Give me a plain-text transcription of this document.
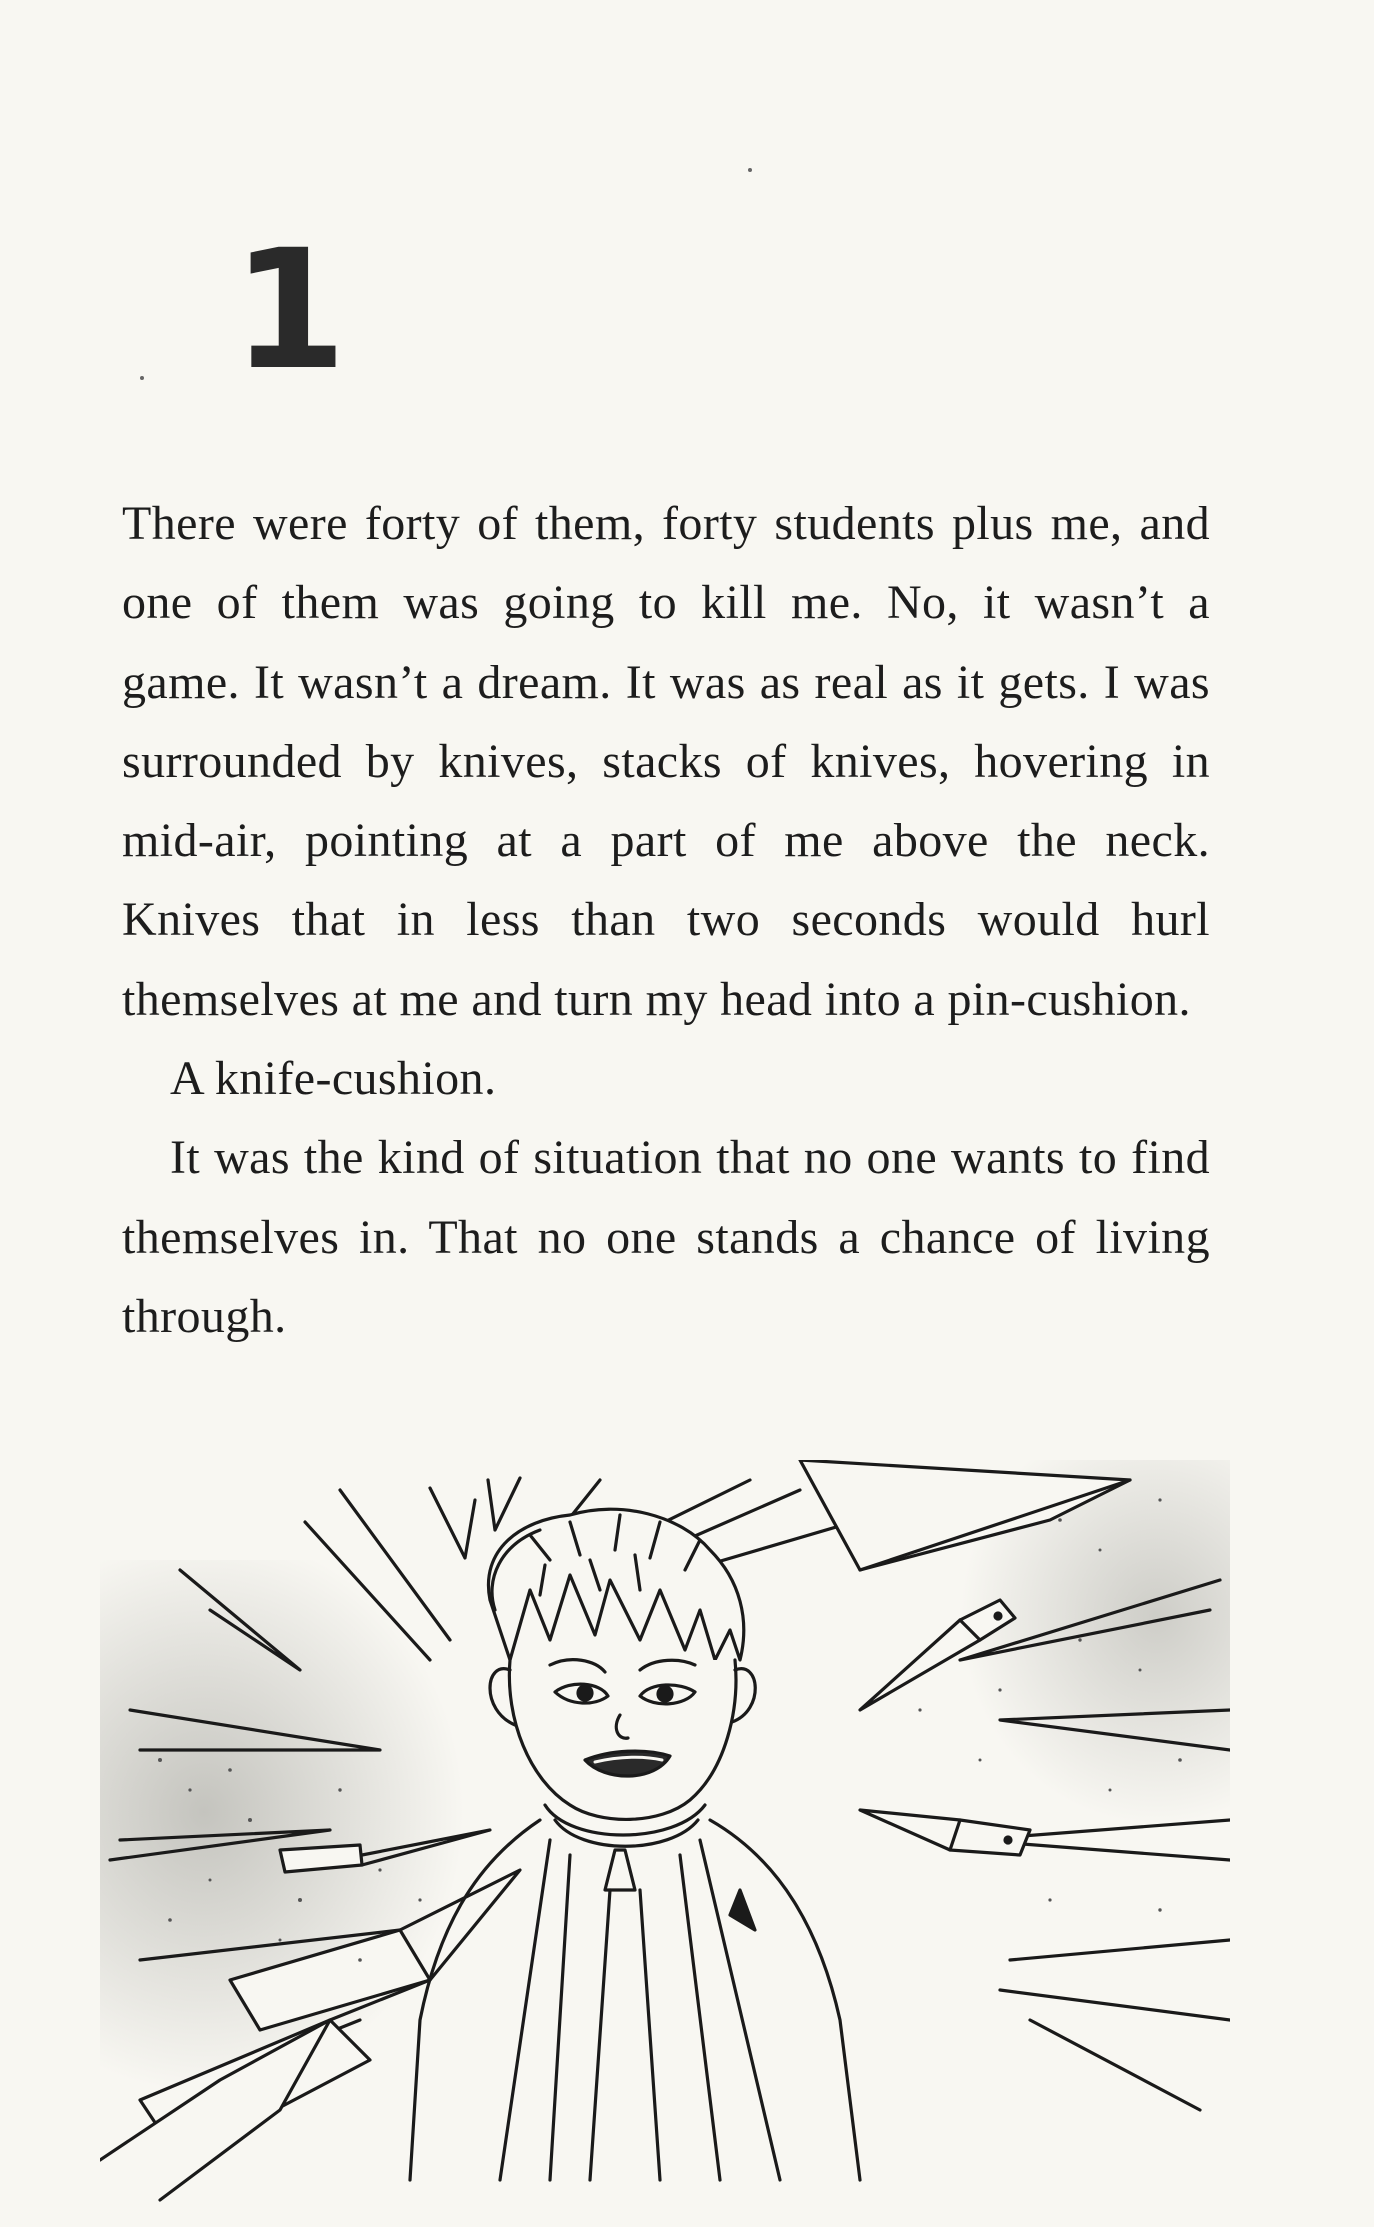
1

There were forty of them, forty students plus me, and one of them was going to kill me. No, it wasn’t a game. It wasn’t a dream. It was as real as it gets. I was surrounded by knives, stacks of knives, hovering in mid-air, pointing at a part of me above the neck. Knives that in less than two seconds would hurl themselves at me and turn my head into a pin-cushion.

A knife-cushion.

It was the kind of situation that no one wants to find themselves in. That no one stands a chance of living through.
